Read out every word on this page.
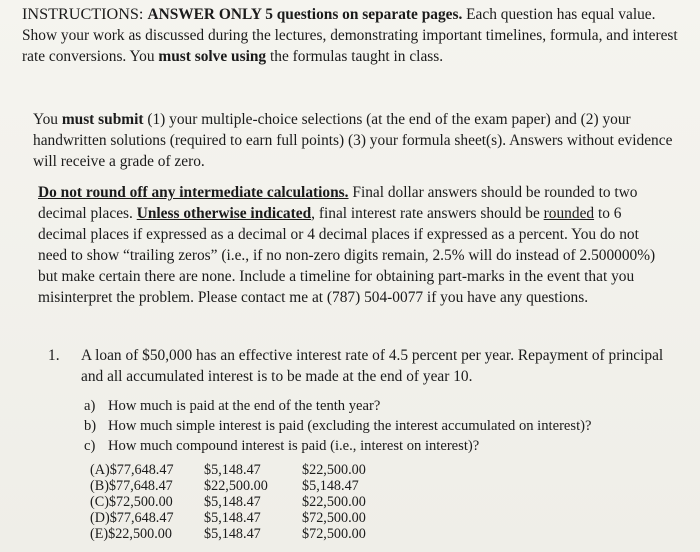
INSTRUCTIONS: ANSWER ONLY 5 questions on separate pages. Each question has equal value. Show your work as discussed during the lectures, demonstrating important timelines, formula, and interest rate conversions. You must solve using the formulas taught in class.

You must submit (1) your multiple-choice selections (at the end of the exam paper) and (2) your handwritten solutions (required to earn full points) (3) your formula sheet(s). Answers without evidence will receive a grade of zero.

Do not round off any intermediate calculations. Final dollar answers should be rounded to two decimal places. Unless otherwise indicated, final interest rate answers should be rounded to 6 decimal places if expressed as a decimal or 4 decimal places if expressed as a percent. You do not need to show “trailing zeros” (i.e., if no non-zero digits remain, 2.5% will do instead of 2.500000%) but make certain there are none. Include a timeline for obtaining part-marks in the event that you misinterpret the problem. Please contact me at (787) 504-0077 if you have any questions.

1. A loan of $50,000 has an effective interest rate of 4.5 percent per year. Repayment of principal and all accumulated interest is to be made at the end of year 10.
a) How much is paid at the end of the tenth year?
b) How much simple interest is paid (excluding the interest accumulated on interest)?
c) How much compound interest is paid (i.e., interest on interest)?
(A)$77,648.47	$5,148.47	$22,500.00
(B)$77,648.47	$22,500.00	$5,148.47
(C)$72,500.00	$5,148.47	$22,500.00
(D)$77,648.47	$5,148.47	$72,500.00
(E)$22,500.00	$5,148.47	$72,500.00
